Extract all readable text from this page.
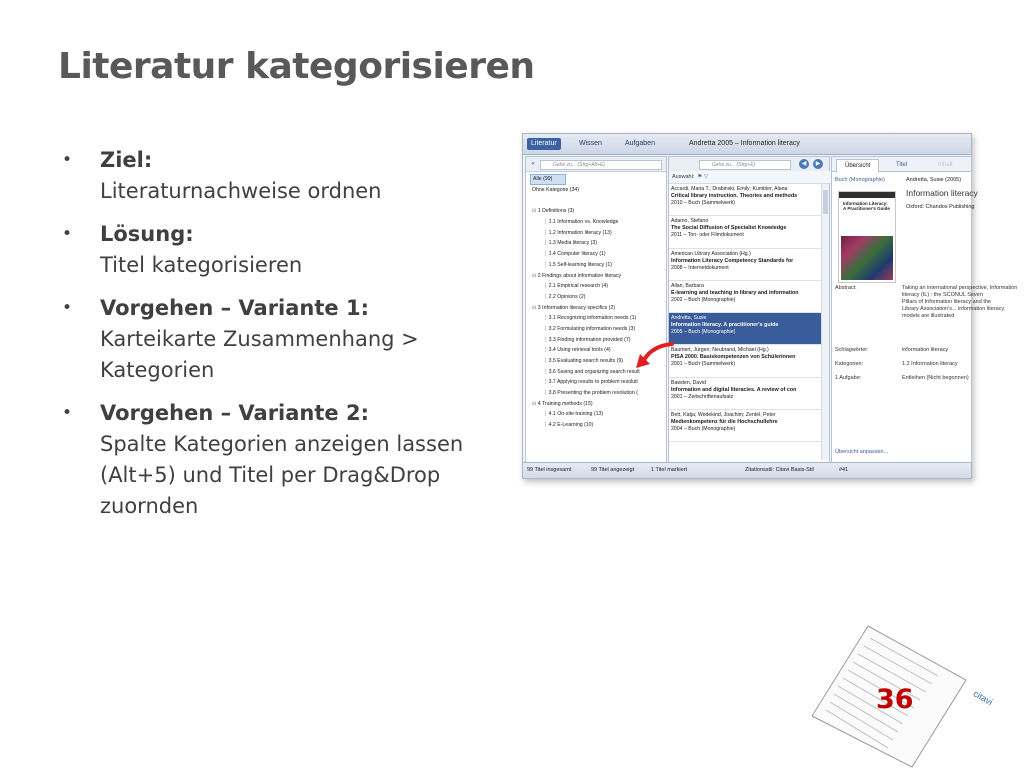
Literatur kategorisieren
• Ziel:
Literaturnachweise ordnen
• Lösung:
Titel kategorisieren
• Vorgehen – Variante 1:
Karteikarte Zusammenhang >
Kategorien
• Vorgehen – Variante 2:
Spalte Kategorien anzeigen lassen
(Alt+5) und Titel per Drag&Drop
zuornden
Literatur	Wissen	Aufgaben	Andretta 2005 – Information literacy
«	Gehe zu... (Strg+Alt+E)
Alle (99)
Ohne Kategorie (34)
⊟ 1 Definitions (3)
┆ 1.1 Information vs. Knowledge
┆ 1.2 Information literacy (13)
┆ 1.3 Media literacy (3)
┆ 1.4 Computer literacy (1)
┆ 1.5 Self-learning literacy (1)
⊟ 2 Findings about information literacy
┆ 2.1 Empirical research (4)
┆ 2.2 Opinions (2)
⊟ 3 Information literacy specifics (2)
┆ 3.1 Recognizing information needs (1)
┆ 3.2 Formulating information needs (3)
┆ 3.3 Finding information provided (7)
┆ 3.4 Using retrieval tools (4)
┆ 3.5 Evaluating search results (9)
┆ 3.6 Saving and organizing search result
┆ 3.7 Applying results to problem resoluti
┆ 3.8 Presenting the problem resolution (
⊟ 4 Training methods (15)
┆ 4.1 On-site training (13)
┆ 4.2 E-Learning (10)
Gehe zu... (Strg+E)	◀	▶
Auswahl:  ⚑ ▽
Accardi, Maria T.; Drabinski, Emily; Kumbier, Alana
Critical library instruction. Theories and methods
2010 – Buch (Sammelwerk)
Adamo, Stefano
The Social Diffusion of Specialist Knowledge
2011 – Ton- oder Filmdokument
American Library Association (Hg.)
Information Literacy Competency Standards for
2008 – Internetdokument
Allan, Barbara
E-learning and teaching in library and information
2002 – Buch (Monographie)
Andretta, Susie
Information literacy. A practitioner's guide
2005 – Buch (Monographie)
Baumert, Jürgen; Neubrand, Michael (Hg.)
PISA 2000. Basiskompetenzen von Schülerinnen
2001 – Buch (Sammelwerk)
Bawden, David
Information and digital literacies. A review of con
2001 – Zeitschriftenaufsatz
Bett, Katja; Wedekind, Joachim; Zentel, Peter
Medienkompetenz für die Hochschullehre
2004 – Buch (Monographie)
Übersicht	Titel	Inhalt
Buch (Monographie)	Andretta, Susie (2005)
Information literacy
Oxford: Chandos Publishing
Information Literacy: A Practitioner's Guide
Abstract:	Taking an international perspective, Information
literacy (IL) : the SCONUL Seven
Pillars of Information literacy and the
Library Association's... information literacy
models are illustrated
Schlagwörter:	information literacy
Kategorien:	1.2 Information literacy
1 Aufgabe:	Entleihen (Nicht begonnen)
Übersicht anpassen...
99 Titel insgesamt	99 Titel angezeigt	1 Titel markiert	Zitationsstil: Citavi Basis-Stil	#41
citavi
36
